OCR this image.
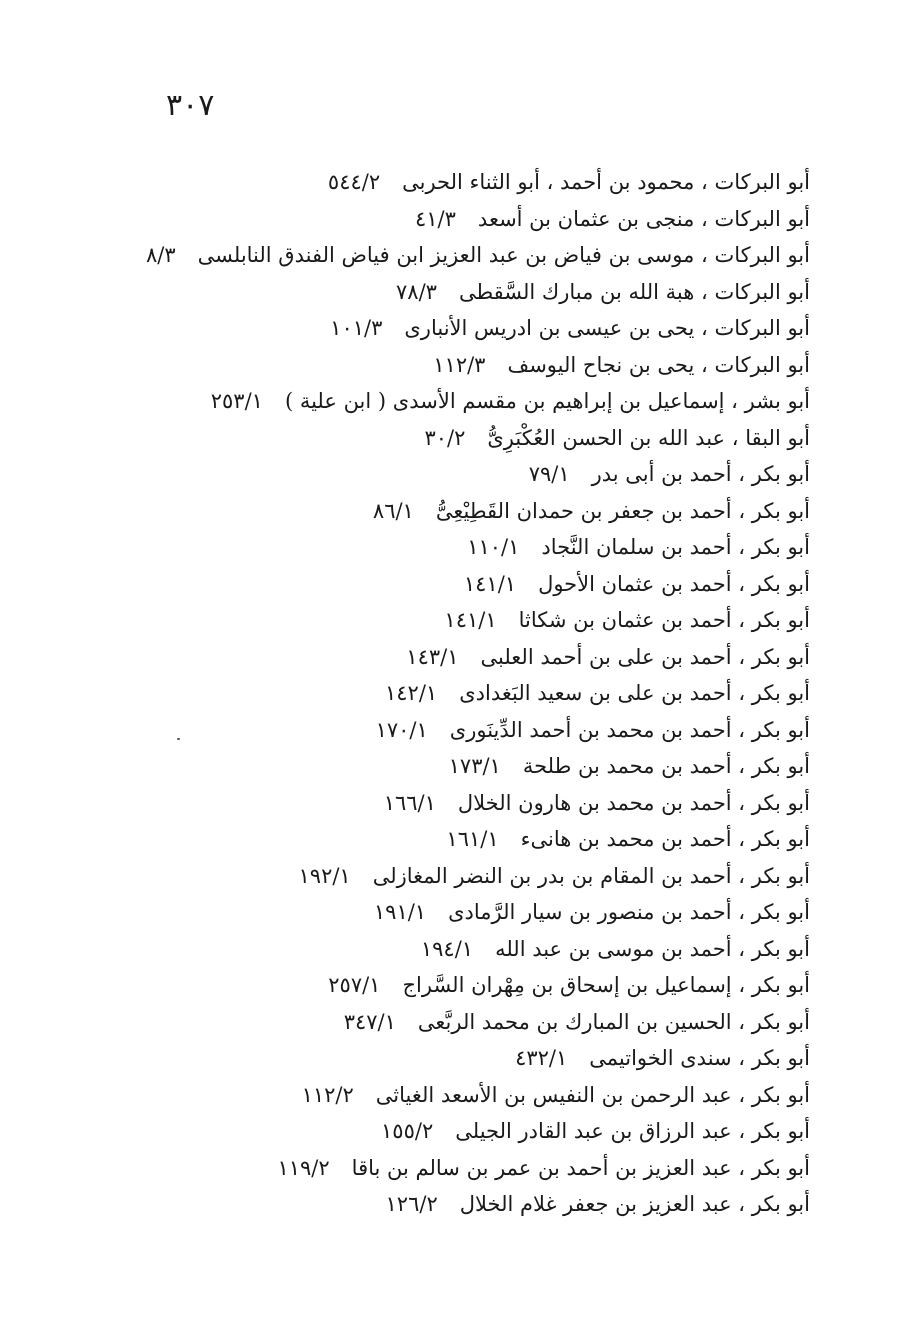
٣٠٧
أبو البركات ، محمود بن أحمد ، أبو الثناء الحربى٥٤٤/٢
أبو البركات ، منجى بن عثمان بن أسعد٤١/٣
أبو البركات ، موسى بن فياض بن عبد العزيز ابن فياض الفندق النابلسى٨/٣
أبو البركات ، هبة الله بن مبارك السَّقطى٧٨/٣
أبو البركات ، يحى بن عيسى بن ادريس الأنبارى١٠١/٣
أبو البركات ، يحى بن نجاح اليوسف١١٢/٣
أبو بشر ، إسماعيل بن إبراهيم بن مقسم الأسدى ( ابن علية )٢٥٣/١
أبو البقا ، عبد الله بن الحسن العُكْبَرِىُّ٣٠/٢
أبو بكر ، أحمد بن أبى بدر٧٩/١
أبو بكر ، أحمد بن جعفر بن حمدان القَطِيْعِىُّ٨٦/١
أبو بكر ، أحمد بن سلمان النَّجاد١١٠/١
أبو بكر ، أحمد بن عثمان الأحول١٤١/١
أبو بكر ، أحمد بن عثمان بن شكاثا١٤١/١
أبو بكر ، أحمد بن على بن أحمد العلبى١٤٣/١
أبو بكر ، أحمد بن على بن سعيد البَغدادى١٤٢/١
أبو بكر ، أحمد بن محمد بن أحمد الدِّينَورى١٧٠/١
أبو بكر ، أحمد بن محمد بن طلحة١٧٣/١
أبو بكر ، أحمد بن محمد بن هارون الخلال١٦٦/١
أبو بكر ، أحمد بن محمد بن هانىء١٦١/١
أبو بكر ، أحمد بن المقام بن بدر بن النضر المغازلى١٩٢/١
أبو بكر ، أحمد بن منصور بن سيار الرَّمادى١٩١/١
أبو بكر ، أحمد بن موسى بن عبد الله١٩٤/١
أبو بكر ، إسماعيل بن إسحاق بن مِهْران السَّراج٢٥٧/١
أبو بكر ، الحسين بن المبارك بن محمد الربَّعى٣٤٧/١
أبو بكر ، سندى الخواتيمى٤٣٢/١
أبو بكر ، عبد الرحمن بن النفيس بن الأسعد الغياثى١١٢/٢
أبو بكر ، عبد الرزاق بن عبد القادر الجيلى١٥٥/٢
أبو بكر ، عبد العزيز بن أحمد بن عمر بن سالم بن باقا١١٩/٢
أبو بكر ، عبد العزيز بن جعفر غلام الخلال١٢٦/٢
